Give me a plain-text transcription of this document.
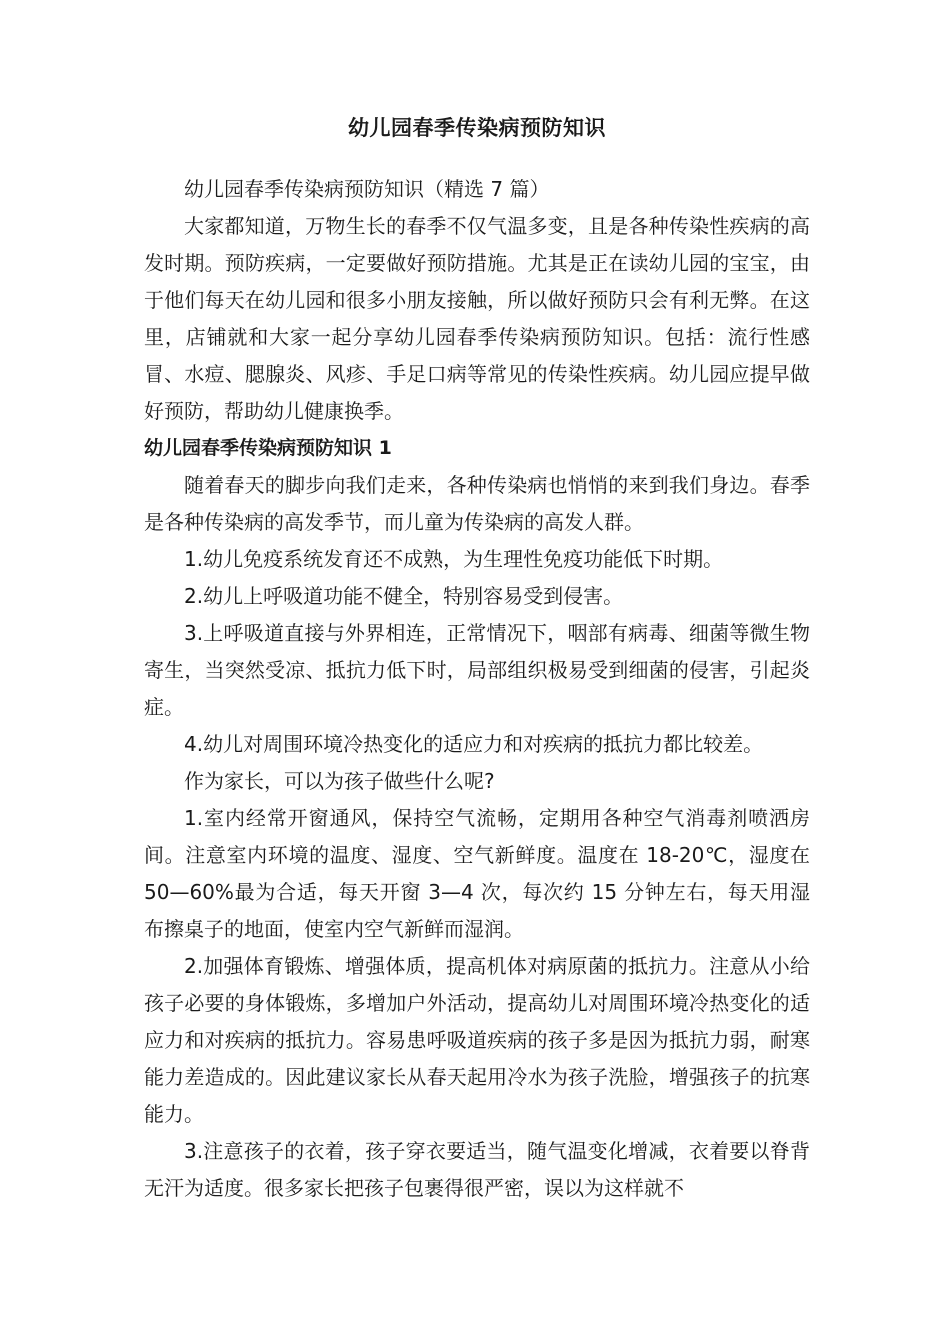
幼儿园春季传染病预防知识

幼儿园春季传染病预防知识（精选 7 篇）

大家都知道，万物生长的春季不仅气温多变，且是各种传染性疾病的高发时期。预防疾病，一定要做好预防措施。尤其是正在读幼儿园的宝宝，由于他们每天在幼儿园和很多小朋友接触，所以做好预防只会有利无弊。在这里，店铺就和大家一起分享幼儿园春季传染病预防知识。包括：流行性感冒、水痘、腮腺炎、风疹、手足口病等常见的传染性疾病。幼儿园应提早做好预防，帮助幼儿健康换季。

幼儿园春季传染病预防知识 1

随着春天的脚步向我们走来，各种传染病也悄悄的来到我们身边。春季是各种传染病的高发季节，而儿童为传染病的高发人群。

1.幼儿免疫系统发育还不成熟，为生理性免疫功能低下时期。

2.幼儿上呼吸道功能不健全，特别容易受到侵害。

3.上呼吸道直接与外界相连，正常情况下，咽部有病毒、细菌等微生物寄生，当突然受凉、抵抗力低下时，局部组织极易受到细菌的侵害，引起炎症。

4.幼儿对周围环境冷热变化的适应力和对疾病的抵抗力都比较差。

作为家长，可以为孩子做些什么呢?

1.室内经常开窗通风，保持空气流畅，定期用各种空气消毒剂喷洒房间。注意室内环境的温度、湿度、空气新鲜度。温度在 18-20℃，湿度在 50—60%最为合适，每天开窗 3—4 次，每次约 15 分钟左右，每天用湿布擦桌子的地面，使室内空气新鲜而湿润。

2.加强体育锻炼、增强体质，提高机体对病原菌的抵抗力。注意从小给孩子必要的身体锻炼，多增加户外活动，提高幼儿对周围环境冷热变化的适应力和对疾病的抵抗力。容易患呼吸道疾病的孩子多是因为抵抗力弱，耐寒能力差造成的。因此建议家长从春天起用冷水为孩子洗脸，增强孩子的抗寒能力。

3.注意孩子的衣着，孩子穿衣要适当，随气温变化增减，衣着要以脊背无汗为适度。很多家长把孩子包裹得很严密，误以为这样就不
